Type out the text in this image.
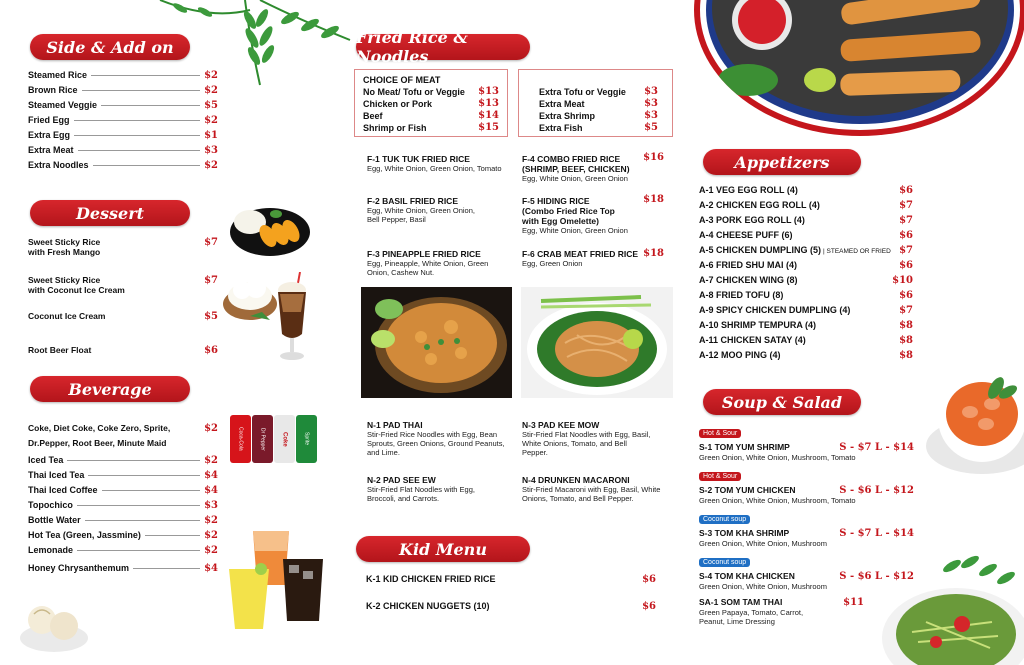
Side & Add on
Steamed Rice	$2
Brown Rice	$2
Steamed Veggie	$5
Fried Egg	$2
Extra Egg	$1
Extra Meat	$3
Extra Noodles	$2
Dessert
Sweet Sticky Rice
with Fresh Mango
$7
Sweet Sticky Rice
with Coconut Ice Cream
$7
Coconut Ice Cream	$5
Root Beer Float	$6
Beverage
Coca-Cola	Dr Pepper	Coke	Sprite
Coke, Diet Coke, Coke Zero, Sprite,
Dr.Pepper, Root Beer, Minute Maid
$2
Iced Tea	$2
Thai Iced Tea	$4
Thai Iced Coffee	$4
Topochico	$3
Bottle Water	$2
Hot Tea (Green, Jassmine)	$2
Lemonade	$2
Honey Chrysanthemum	$4
Fried Rice & Noodles
CHOICE OF MEAT
No Meat/ Tofu or Veggie $13
Chicken or Pork	$13
Beef	$14
Shrimp or Fish	$15
Extra Tofu or Veggie $3
Extra Meat	$3
Extra Shrimp	$3
Extra Fish	$5
F-1 TUK TUK FRIED RICE
Egg, White Onion, Green Onion, Tomato
F-2 BASIL FRIED RICE
Egg, White Onion, Green Onion,
Bell Pepper, Basil
F-3 PINEAPPLE FRIED RICE
Egg, Pineapple, White Onion, Green
Onion, Cashew Nut.
F-4 COMBO FRIED RICE
(SHRIMP, BEEF, CHICKEN)
Egg, White Onion, Green Onion
$16
F-5 HIDING RICE
(Combo Fried Rice Top
with Egg Omelette)
Egg, White Onion, Green Onion
$18
F-6 CRAB MEAT FRIED RICE
Egg, Green Onion
$18
N-1 PAD THAI
Stir-Fried Rice Noodles with Egg, Bean
Sprouts, Green Onions, Ground Peanuts,
and Lime.
N-2 PAD SEE EW
Stir-Fried Flat Noodles with Egg,
Broccoli, and Carrots.
N-3 PAD KEE MOW
Stir-Fried Flat Noodles with Egg, Basil,
White Onions, Tomato, and Bell
Pepper.
N-4 DRUNKEN MACARONI
Stir-Fried Macaroni with Egg, Basil, White
Onions, Tomato, and Bell Pepper.
Kid Menu
K-1 KID CHICKEN FRIED RICE	$6
K-2 CHICKEN NUGGETS (10)	$6
Appetizers
A-1 VEG EGG ROLL (4)	$6
A-2 CHICKEN EGG ROLL (4)	$7
A-3 PORK EGG ROLL (4)	$7
A-4 CHEESE PUFF (6)	$6
A-5 CHICKEN DUMPLING (5) | STEAMED OR FRIED $7
A-6 FRIED SHU MAI (4)	$6
A-7 CHICKEN WING (8)	$10
A-8 FRIED TOFU (8)	$6
A-9 SPICY CHICKEN DUMPLING (4)	$7
A-10 SHRIMP TEMPURA (4)	$8
A-11 CHICKEN SATAY (4)	$8
A-12 MOO PING (4)	$8
Soup & Salad
Hot & Sour
S-1 TOM YUM SHRIMP	S - $7 L - $14
Green Onion, White Onion, Mushroom, Tomato
Hot & Sour
S-2 TOM YUM CHICKEN	S - $6 L - $12
Green Onion, White Onion, Mushroom, Tomato
Coconut soup
S-3 TOM KHA SHRIMP	S - $7 L - $14
Green Onion, White Onion, Mushroom
Coconut soup
S-4 TOM KHA CHICKEN	S - $6 L - $12
Green Onion, White Onion, Mushroom
SA-1 SOM TAM THAI	$11
Green Papaya, Tomato, Carrot,
Peanut, Lime Dressing
